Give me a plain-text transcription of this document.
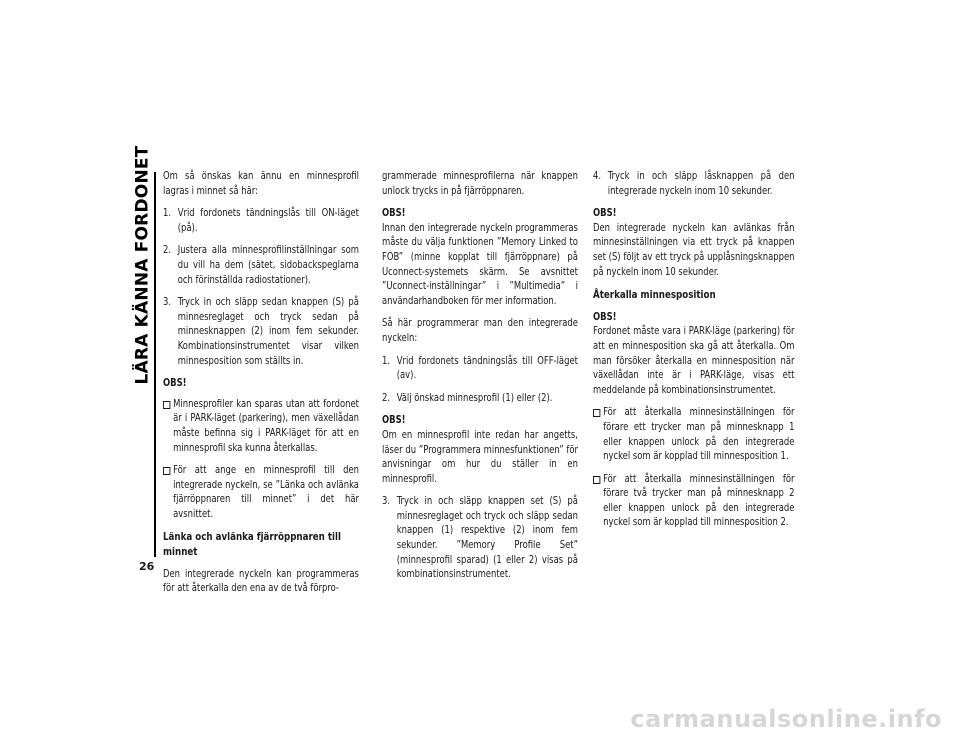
LÄRA KÄNNA FORDONET
26

Om så önskas kan ännu en minnesprofil lagras i minnet så här:

1. Vrid fordonets tändningslås till ON-läget (på).
2. Justera alla minnesprofilinställningar som du vill ha dem (sätet, sidobackspeglarna och förinställda radiostationer).
3. Tryck in och släpp sedan knappen (S) på minnesreglaget och tryck sedan på minnesknappen (2) inom fem sekunder. Kombinationsinstrumentet visar vilken minnesposition som ställts in.

OBS!

Minnesprofiler kan sparas utan att fordonet är i PARK-läget (parkering), men växellådan måste befinna sig i PARK-läget för att en minnesprofil ska kunna återkallas.
För att ange en minnesprofil till den integrerade nyckeln, se ”Länka och avlänka fjärröppnaren till minnet” i det här avsnittet.
Länka och avlänka fjärröppnaren till minnet

Den integrerade nyckeln kan programmeras för att återkalla den ena av de två förpro-

grammerade minnesprofilerna när knappen unlock trycks in på fjärröppnaren.

OBS!

Innan den integrerade nyckeln programmeras måste du välja funktionen ”Memory Linked to FOB” (minne kopplat till fjärröppnare) på Uconnect-systemets skärm. Se avsnittet ”Uconnect-inställningar” i ”Multimedia” i användarhandboken för mer information.

Så här programmerar man den integrerade nyckeln:

1. Vrid fordonets tändningslås till OFF-läget (av).
2. Välj önskad minnesprofil (1) eller (2).

OBS!

Om en minnesprofil inte redan har angetts, läser du ”Programmera minnesfunktionen” för anvisningar om hur du ställer in en minnesprofil.

3. Tryck in och släpp knappen set (S) på minnesreglaget och tryck och släpp sedan knappen (1) respektive (2) inom fem sekunder. ”Memory Profile Set” (minnesprofil sparad) (1 eller 2) visas på kombinationsinstrumentet.
4. Tryck in och släpp låsknappen på den integrerade nyckeln inom 10 sekunder.

OBS!

Den integrerade nyckeln kan avlänkas från minnesinställningen via ett tryck på knappen set (S) följt av ett tryck på upplåsningsknappen på nyckeln inom 10 sekunder.

Återkalla minnesposition

OBS!

Fordonet måste vara i PARK-läge (parkering) för att en minnesposition ska gå att återkalla. Om man försöker återkalla en minnesposition när växellådan inte är i PARK-läge, visas ett meddelande på kombinationsinstrumentet.

För att återkalla minnesinställningen för förare ett trycker man på minnesknapp 1 eller knappen unlock på den integrerade nyckel som är kopplad till minnesposition 1.
För att återkalla minnesinställningen för förare två trycker man på minnesknapp 2 eller knappen unlock på den integrerade nyckel som är kopplad till minnesposition 2.
carmanualsonline.info
